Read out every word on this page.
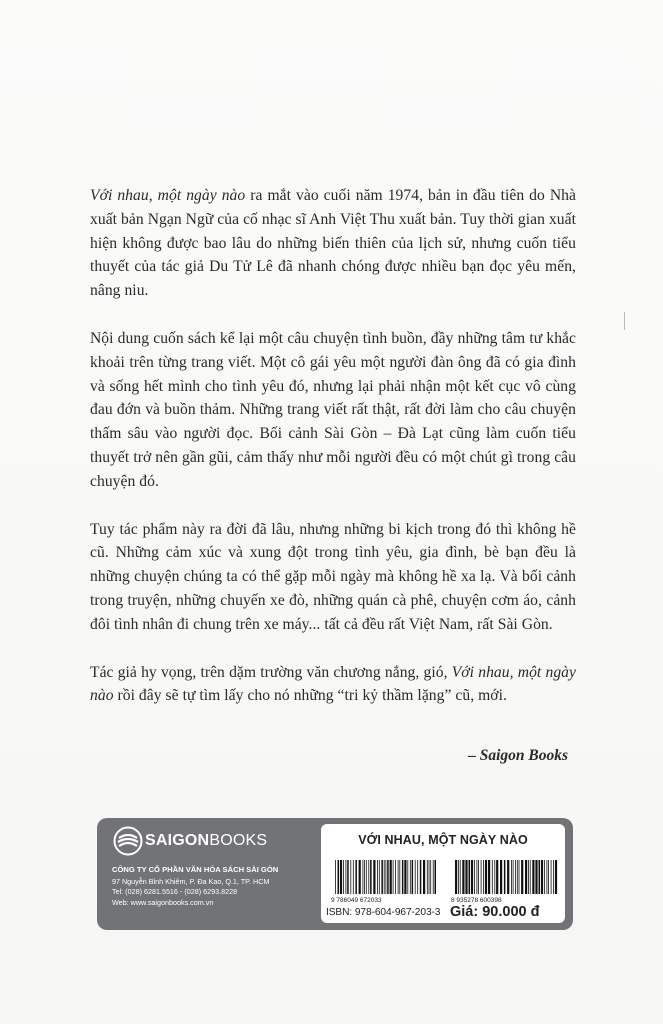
Với nhau, một ngày nào ra mắt vào cuối năm 1974, bản in đầu tiên do Nhà xuất bản Ngạn Ngữ của cố nhạc sĩ Anh Việt Thu xuất bản. Tuy thời gian xuất hiện không được bao lâu do những biến thiên của lịch sử, nhưng cuốn tiểu thuyết của tác giả Du Tử Lê đã nhanh chóng được nhiều bạn đọc yêu mến, nâng niu.

Nội dung cuốn sách kể lại một câu chuyện tình buồn, đầy những tâm tư khắc khoải trên từng trang viết. Một cô gái yêu một người đàn ông đã có gia đình và sống hết mình cho tình yêu đó, nhưng lại phải nhận một kết cục vô cùng đau đớn và buồn thảm. Những trang viết rất thật, rất đời làm cho câu chuyện thấm sâu vào người đọc. Bối cảnh Sài Gòn – Đà Lạt cũng làm cuốn tiểu thuyết trở nên gần gũi, cảm thấy như mỗi người đều có một chút gì trong câu chuyện đó.

Tuy tác phẩm này ra đời đã lâu, nhưng những bi kịch trong đó thì không hề cũ. Những cảm xúc và xung đột trong tình yêu, gia đình, bè bạn đều là những chuyện chúng ta có thể gặp mỗi ngày mà không hề xa lạ. Và bối cảnh trong truyện, những chuyến xe đò, những quán cà phê, chuyện cơm áo, cảnh đôi tình nhân đi chung trên xe máy... tất cả đều rất Việt Nam, rất Sài Gòn.

Tác giả hy vọng, trên dặm trường văn chương nắng, gió, Với nhau, một ngày nào rồi đây sẽ tự tìm lấy cho nó những “tri kỷ thầm lặng” cũ, mới.

– Saigon Books
SAIGONBOOKS
CÔNG TY CỔ PHẦN VĂN HÓA SÁCH SÀI GÒN
97 Nguyễn Bỉnh Khiêm, P. Đa Kao, Q.1, TP. HCM
Tel: (028) 6281.5516 - (028) 6293.8228
Web: www.saigonbooks.com.vn
VỚI NHAU, MỘT NGÀY NÀO
9 786049 672033	8 935278 600398
ISBN: 978-604-967-203-3 Giá: 90.000 đ
